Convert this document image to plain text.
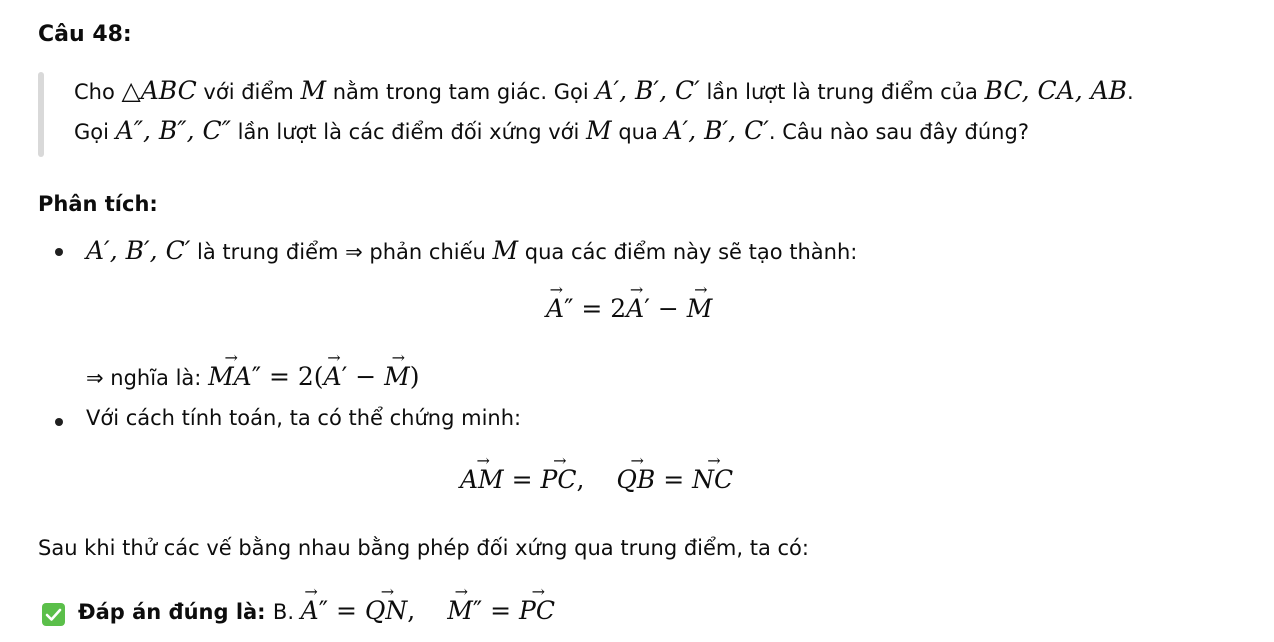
Câu 48:
Cho △ABC với điểm M nằm trong tam giác. Gọi A′, B′, C′ lần lượt là trung điểm của BC, CA, AB.
Gọi A″, B″, C″ lần lượt là các điểm đối xứng với M qua A′, B′, C′. Câu nào sau đây đúng?
Phân tích:
A′, B′, C′ là trung điểm ⇒ phản chiếu M qua các điểm này sẽ tạo thành:
→ A″ = 2→ A′ − → M
⇒ nghĩa là: → MA″ = 2(→ A′ − → M)
Với cách tính toán, ta có thể chứng minh:
→ AM = → PC, → QB = → NC
Sau khi thử các vế bằng nhau bằng phép đối xứng qua trung điểm, ta có:
Đáp án đúng là: B. → A″ = → QN, → M″ = → PC
